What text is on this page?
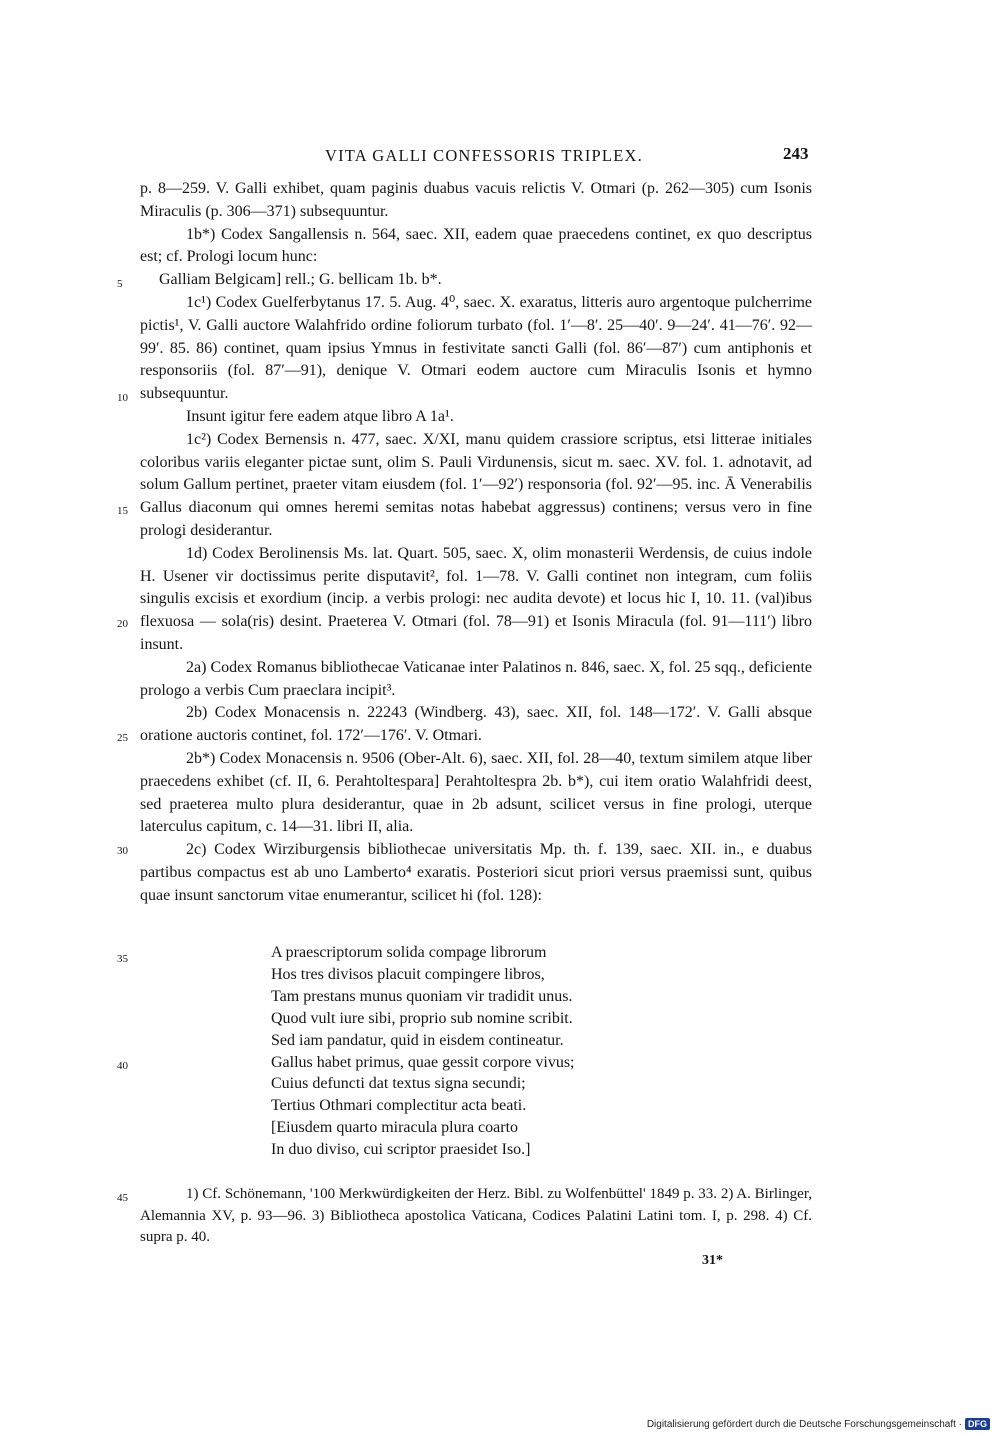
VITA GALLI CONFESSORIS TRIPLEX.	243
5
10
15
20
25
30
35
40
45

p. 8—259. V. Galli exhibet, quam paginis duabus vacuis relictis V. Otmari (p. 262—305) cum Isonis Miraculis (p. 306—371) subsequuntur.

1b*) Codex Sangallensis n. 564, saec. XII, eadem quae praecedens continet, ex quo descriptus est; cf. Prologi locum hunc:

Galliam Belgicam] rell.; G. bellicam 1b. b*.

1c¹) Codex Guelferbytanus 17. 5. Aug. 4⁰, saec. X. exaratus, litteris auro argentoque pulcherrime pictis¹, V. Galli auctore Walahfrido ordine foliorum turbato (fol. 1′—8′. 25—40′. 9—24′. 41—76′. 92—99′. 85. 86) continet, quam ipsius Ymnus in festivitate sancti Galli (fol. 86′—87′) cum antiphonis et responsoriis (fol. 87′—91), denique V. Otmari eodem auctore cum Miraculis Isonis et hymno subsequuntur.

Insunt igitur fere eadem atque libro A 1a¹.

1c²) Codex Bernensis n. 477, saec. X/XI, manu quidem crassiore scriptus, etsi litterae initiales coloribus variis eleganter pictae sunt, olim S. Pauli Virdunensis, sicut m. saec. XV. fol. 1. adnotavit, ad solum Gallum pertinet, praeter vitam eiusdem (fol. 1′—92′) responsoria (fol. 92′—95. inc. Ā Venerabilis Gallus diaconum qui omnes heremi semitas notas habebat aggressus) continens; versus vero in fine prologi desiderantur.

1d) Codex Berolinensis Ms. lat. Quart. 505, saec. X, olim monasterii Werdensis, de cuius indole H. Usener vir doctissimus perite disputavit², fol. 1—78. V. Galli continet non integram, cum foliis singulis excisis et exordium (incip. a verbis prologi: nec audita devote) et locus hic I, 10. 11. (val)ibus flexuosa — sola(ris) desint. Praeterea V. Otmari (fol. 78—91) et Isonis Miracula (fol. 91—111′) libro insunt.

2a) Codex Romanus bibliothecae Vaticanae inter Palatinos n. 846, saec. X, fol. 25 sqq., deficiente prologo a verbis Cum praeclara incipit³.

2b) Codex Monacensis n. 22243 (Windberg. 43), saec. XII, fol. 148—172′. V. Galli absque oratione auctoris continet, fol. 172′—176′. V. Otmari.

2b*) Codex Monacensis n. 9506 (Ober-Alt. 6), saec. XII, fol. 28—40, textum similem atque liber praecedens exhibet (cf. II, 6. Perahtoltespara] Perahtoltespra 2b. b*), cui item oratio Walahfridi deest, sed praeterea multo plura desiderantur, quae in 2b adsunt, scilicet versus in fine prologi, uterque laterculus capitum, c. 14—31. libri II, alia.

2c) Codex Wirziburgensis bibliothecae universitatis Mp. th. f. 139, saec. XII. in., e duabus partibus compactus est ab uno Lamberto⁴ exaratis. Posteriori sicut priori versus praemissi sunt, quibus quae insunt sanctorum vitae enumerantur, scilicet hi (fol. 128):

A praescriptorum solida compage librorum
Hos tres divisos placuit compingere libros,
Tam prestans munus quoniam vir tradidit unus.
Quod vult iure sibi, proprio sub nomine scribit.
Sed iam pandatur, quid in eisdem contineatur.
Gallus habet primus, quae gessit corpore vivus;
Cuius defuncti dat textus signa secundi;
Tertius Othmari complectitur acta beati.
[Eiusdem quarto miracula plura coarto
In duo diviso, cui scriptor praesidet Iso.]

1) Cf. Schönemann, '100 Merkwürdigkeiten der Herz. Bibl. zu Wolfenbüttel' 1849 p. 33. 2) A. Birlinger, Alemannia XV, p. 93—96. 3) Bibliotheca apostolica Vaticana, Codices Palatini Latini tom. I, p. 298. 4) Cf. supra p. 40.

31*
Digitalisierung gefördert durch die Deutsche Forschungsgemeinschaft · DFG
